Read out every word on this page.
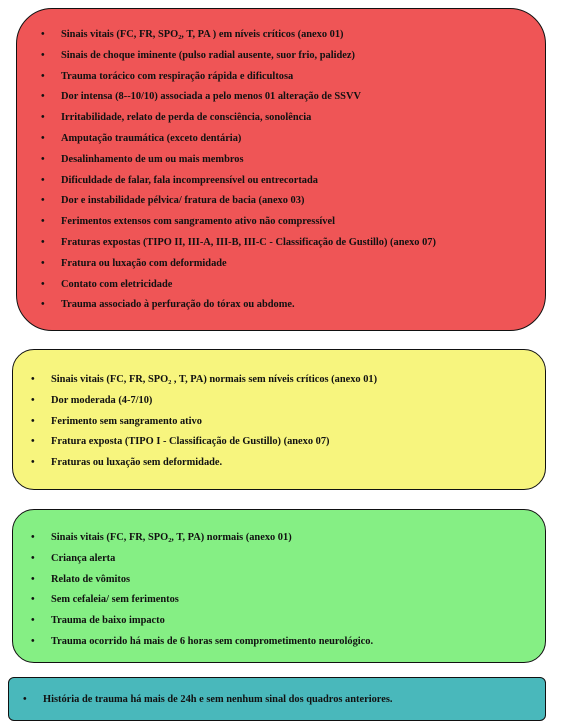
•	Sinais vitais (FC, FR, SPO₂, T, PA ) em níveis críticos (anexo 01)
•	Sinais de choque iminente (pulso radial ausente, suor frio, palidez)
•	Trauma torácico com respiração rápida e dificultosa
•	Dor intensa (8--10/10) associada a pelo menos 01 alteração de SSVV
•	Irritabilidade, relato de perda de consciência, sonolência
•	Amputação traumática (exceto dentária)
•	Desalinhamento de um ou mais membros
•	Dificuldade de falar, fala incompreensível ou entrecortada
•	Dor e instabilidade pélvica/ fratura de bacia (anexo 03)
•	Ferimentos extensos com sangramento ativo não compressível
•	Fraturas expostas (TIPO II, III-A, III-B, III-C - Classificação de Gustillo) (anexo 07)
•	Fratura ou luxação com deformidade
•	Contato com eletricidade
•	Trauma associado à perfuração do tórax ou abdome.
•	Sinais vitais (FC, FR, SPO₂ , T, PA) normais sem níveis críticos (anexo 01)
•	Dor moderada (4-7/10)
•	Ferimento sem sangramento ativo
•	Fratura exposta (TIPO I - Classificação de Gustillo) (anexo 07)
•	Fraturas ou luxação sem deformidade.
•	Sinais vitais (FC, FR, SPO₂, T, PA) normais (anexo 01)
•	Criança alerta
•	Relato de vômitos
•	Sem cefaleia/ sem ferimentos
•	Trauma de baixo impacto
•	Trauma ocorrido há mais de 6 horas sem comprometimento neurológico.
•	História de trauma há mais de 24h e sem nenhum sinal dos quadros anteriores.
